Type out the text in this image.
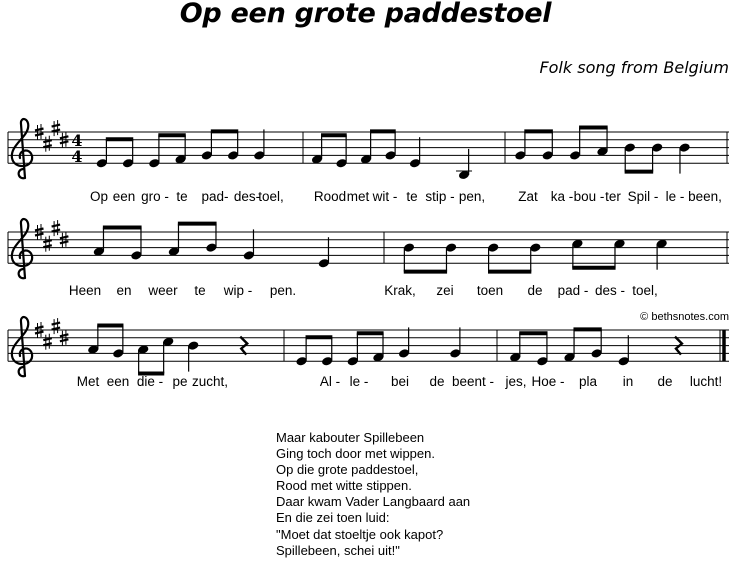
Op een grote paddestoel
Folk song from Belgium
© bethsnotes.com
4
4
Op een gro - te pad- des-
toel, Rood met wit - te stip - pen, Zat ka - bou - ter Spil - le - been,
Heen en weer te wip - pen.	Krak, zei toen de pad - des - toel,
Met een die - pe zucht,	Al - le - bei de beent - jes, Hoe - pla in de lucht!
Maar kabouter Spillebeen
Ging toch door met wippen.
Op die grote paddestoel,
Rood met witte stippen.
Daar kwam Vader Langbaard aan
En die zei toen luid:
"Moet dat stoeltje ook kapot?
Spillebeen, schei uit!"
